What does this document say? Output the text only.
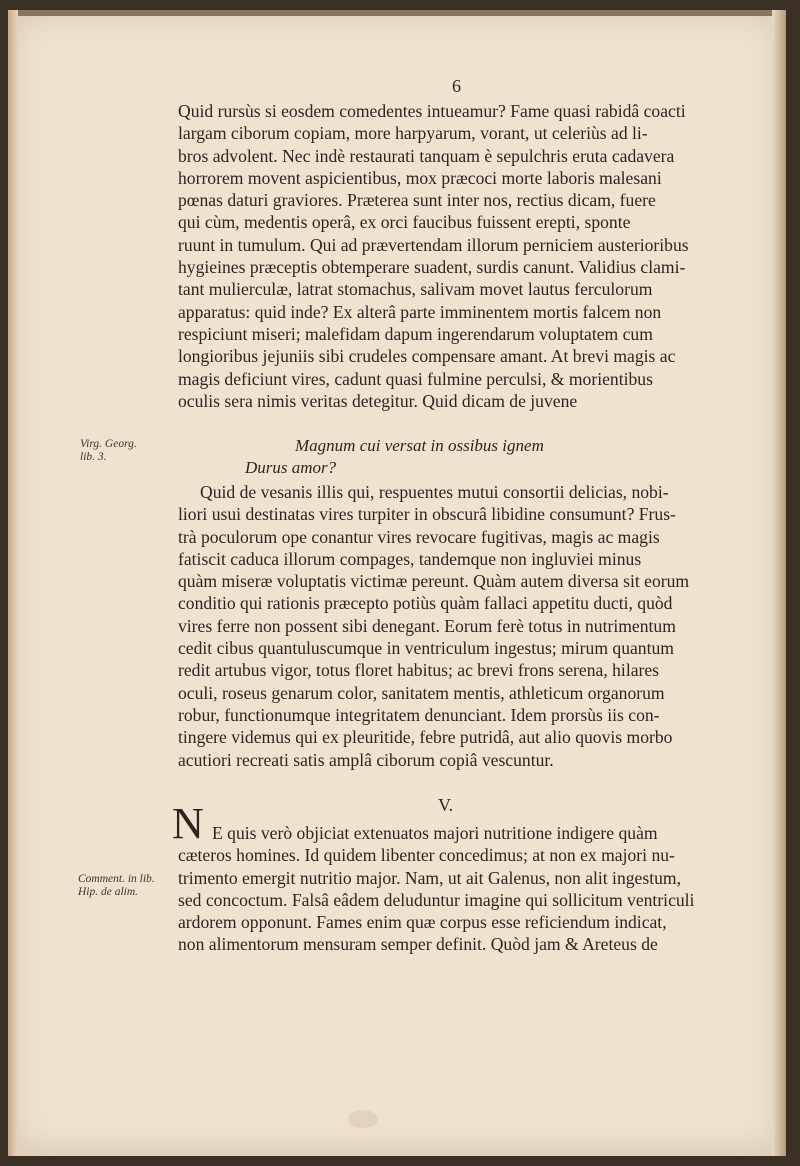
6
Quid rursùs si eosdem comedentes intueamur? Fame quasi rabidâ coacti
largam ciborum copiam, more harpyarum, vorant, ut celeriùs ad li-
bros advolent. Nec indè restaurati tanquam è sepulchris eruta cadavera
horrorem movent aspicientibus, mox præcoci morte laboris malesani
pœnas daturi graviores. Præterea sunt inter nos, rectius dicam, fuere
qui cùm, medentis operâ, ex orci faucibus fuissent erepti, sponte
ruunt in tumulum. Qui ad prævertendam illorum perniciem austerioribus
hygieines præceptis obtemperare suadent, surdis canunt. Validius clami-
tant mulierculæ, latrat stomachus, salivam movet lautus ferculorum
apparatus: quid inde? Ex alterâ parte imminentem mortis falcem non
respiciunt miseri; malefidam dapum ingerendarum voluptatem cum
longioribus jejuniis sibi crudeles compensare amant. At brevi magis ac
magis deficiunt vires, cadunt quasi fulmine perculsi, & morientibus
oculis sera nimis veritas detegitur. Quid dicam de juvene
Virg. Georg.
lib. 3.
Magnum cui versat in ossibus ignem
Durus amor?
Quid de vesanis illis qui, respuentes mutui consortii delicias, nobi-
liori usui destinatas vires turpiter in obscurâ libidine consumunt? Frus-
trà poculorum ope conantur vires revocare fugitivas, magis ac magis
fatiscit caduca illorum compages, tandemque non ingluviei minus
quàm miseræ voluptatis victimæ pereunt. Quàm autem diversa sit eorum
conditio qui rationis præcepto potiùs quàm fallaci appetitu ducti, quòd
vires ferre non possent sibi denegant. Eorum ferè totus in nutrimentum
cedit cibus quantuluscumque in ventriculum ingestus; mirum quantum
redit artubus vigor, totus floret habitus; ac brevi frons serena, hilares
oculi, roseus genarum color, sanitatem mentis, athleticum organorum
robur, functionumque integritatem denunciant. Idem prorsùs iis con-
tingere videmus qui ex pleuritide, febre putridâ, aut alio quovis morbo
acutiori recreati satis amplâ ciborum copiâ vescuntur.
V.
N
Comment. in lib.
Hip. de alim.
E quis verò objiciat extenuatos majori nutritione indigere quàm
cæteros homines. Id quidem libenter concedimus; at non ex majori nu-
trimento emergit nutritio major. Nam, ut ait Galenus, non alit ingestum,
sed concoctum. Falsâ eâdem deluduntur imagine qui sollicitum ventriculi
ardorem opponunt. Fames enim quæ corpus esse reficiendum indicat,
non alimentorum mensuram semper definit. Quòd jam & Areteus de
